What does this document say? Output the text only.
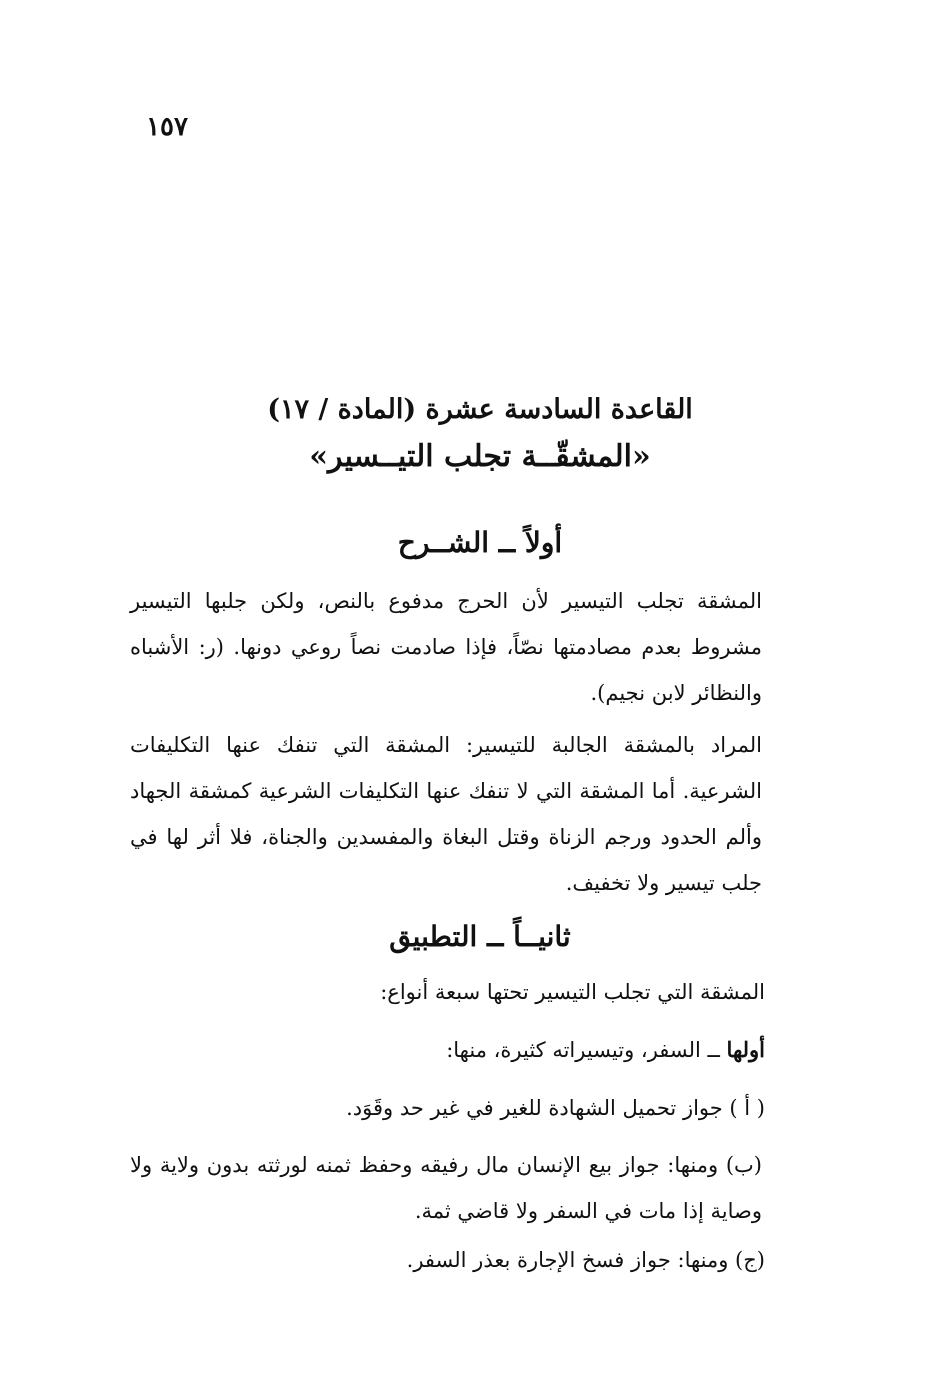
١٥٧
القاعدة السادسة عشرة (المادة / ١٧)
«المشقّــة تجلب التيــسير»
أولاً ــ الشــرح
المشقة تجلب التيسير لأن الحرج مدفوع بالنص، ولكن جلبها التيسير مشروط بعدم مصادمتها نصّاً، فإذا صادمت نصاً روعي دونها. (ر: الأشباه والنظائر لابن نجيم).
المراد بالمشقة الجالبة للتيسير: المشقة التي تنفك عنها التكليفات الشرعية. أما المشقة التي لا تنفك عنها التكليفات الشرعية كمشقة الجهاد وألم الحدود ورجم الزناة وقتل البغاة والمفسدين والجناة، فلا أثر لها في جلب تيسير ولا تخفيف.
ثانيــاً ــ التطبيق
المشقة التي تجلب التيسير تحتها سبعة أنواع:
أولها ــ السفر، وتيسيراته كثيرة، منها:
( أ ) جواز تحميل الشهادة للغير في غير حد وقَوَد.
(ب) ومنها: جواز بيع الإنسان مال رفيقه وحفظ ثمنه لورثته بدون ولاية ولا وصاية إذا مات في السفر ولا قاضي ثمة.
(ج) ومنها: جواز فسخ الإجارة بعذر السفر.
